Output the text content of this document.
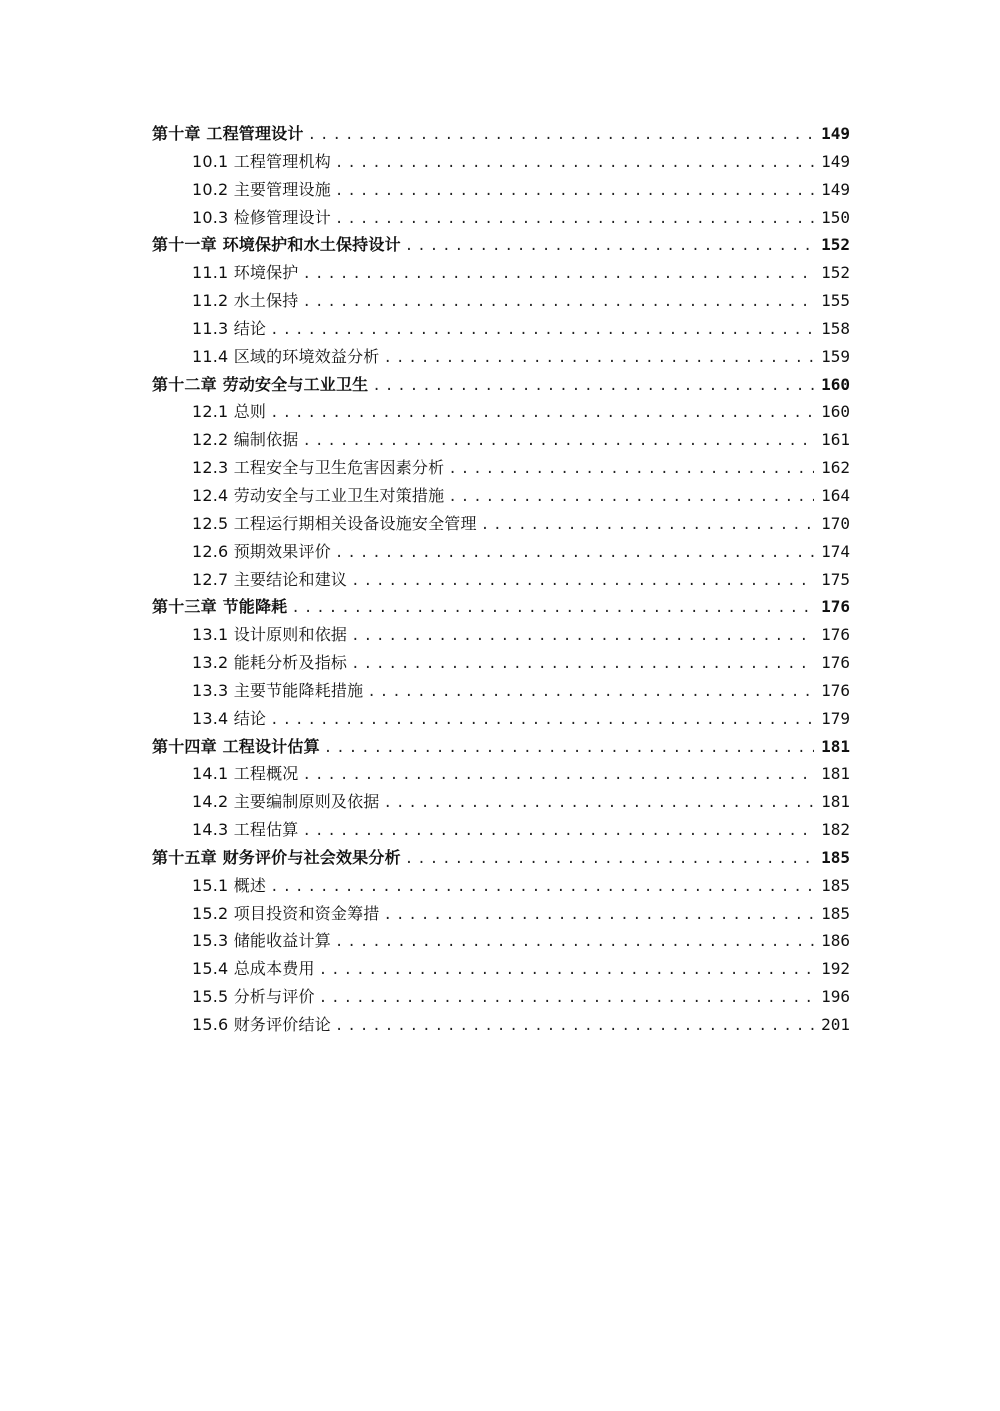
第十章 工程管理设计 . . .	149
10.1 工程管理机构 . . .	149
10.2 主要管理设施 . . .	149
10.3 检修管理设计 . . .	150
第十一章 环境保护和水土保持设计 . . .	152
11.1 环境保护 . . .	152
11.2 水土保持 . . .	155
11.3 结论 . . .	158
11.4 区域的环境效益分析 . . .	159
第十二章 劳动安全与工业卫生 . . .	160
12.1 总则 . . .	160
12.2 编制依据 . . .	161
12.3 工程安全与卫生危害因素分析 . . .	162
12.4 劳动安全与工业卫生对策措施 . . .	164
12.5 工程运行期相关设备设施安全管理 . . .	170
12.6 预期效果评价 . . .	174
12.7 主要结论和建议 . . .	175
第十三章 节能降耗 . . .	176
13.1 设计原则和依据 . . .	176
13.2 能耗分析及指标 . . .	176
13.3 主要节能降耗措施 . . .	176
13.4 结论 . . .	179
第十四章 工程设计估算 . . .	181
14.1 工程概况 . . .	181
14.2 主要编制原则及依据 . . .	181
14.3 工程估算 . . .	182
第十五章 财务评价与社会效果分析 . . .	185
15.1 概述 . . .	185
15.2 项目投资和资金筹措 . . .	185
15.3 储能收益计算 . . .	186
15.4 总成本费用 . . .	192
15.5 分析与评价 . . .	196
15.6 财务评价结论 . . .	201
